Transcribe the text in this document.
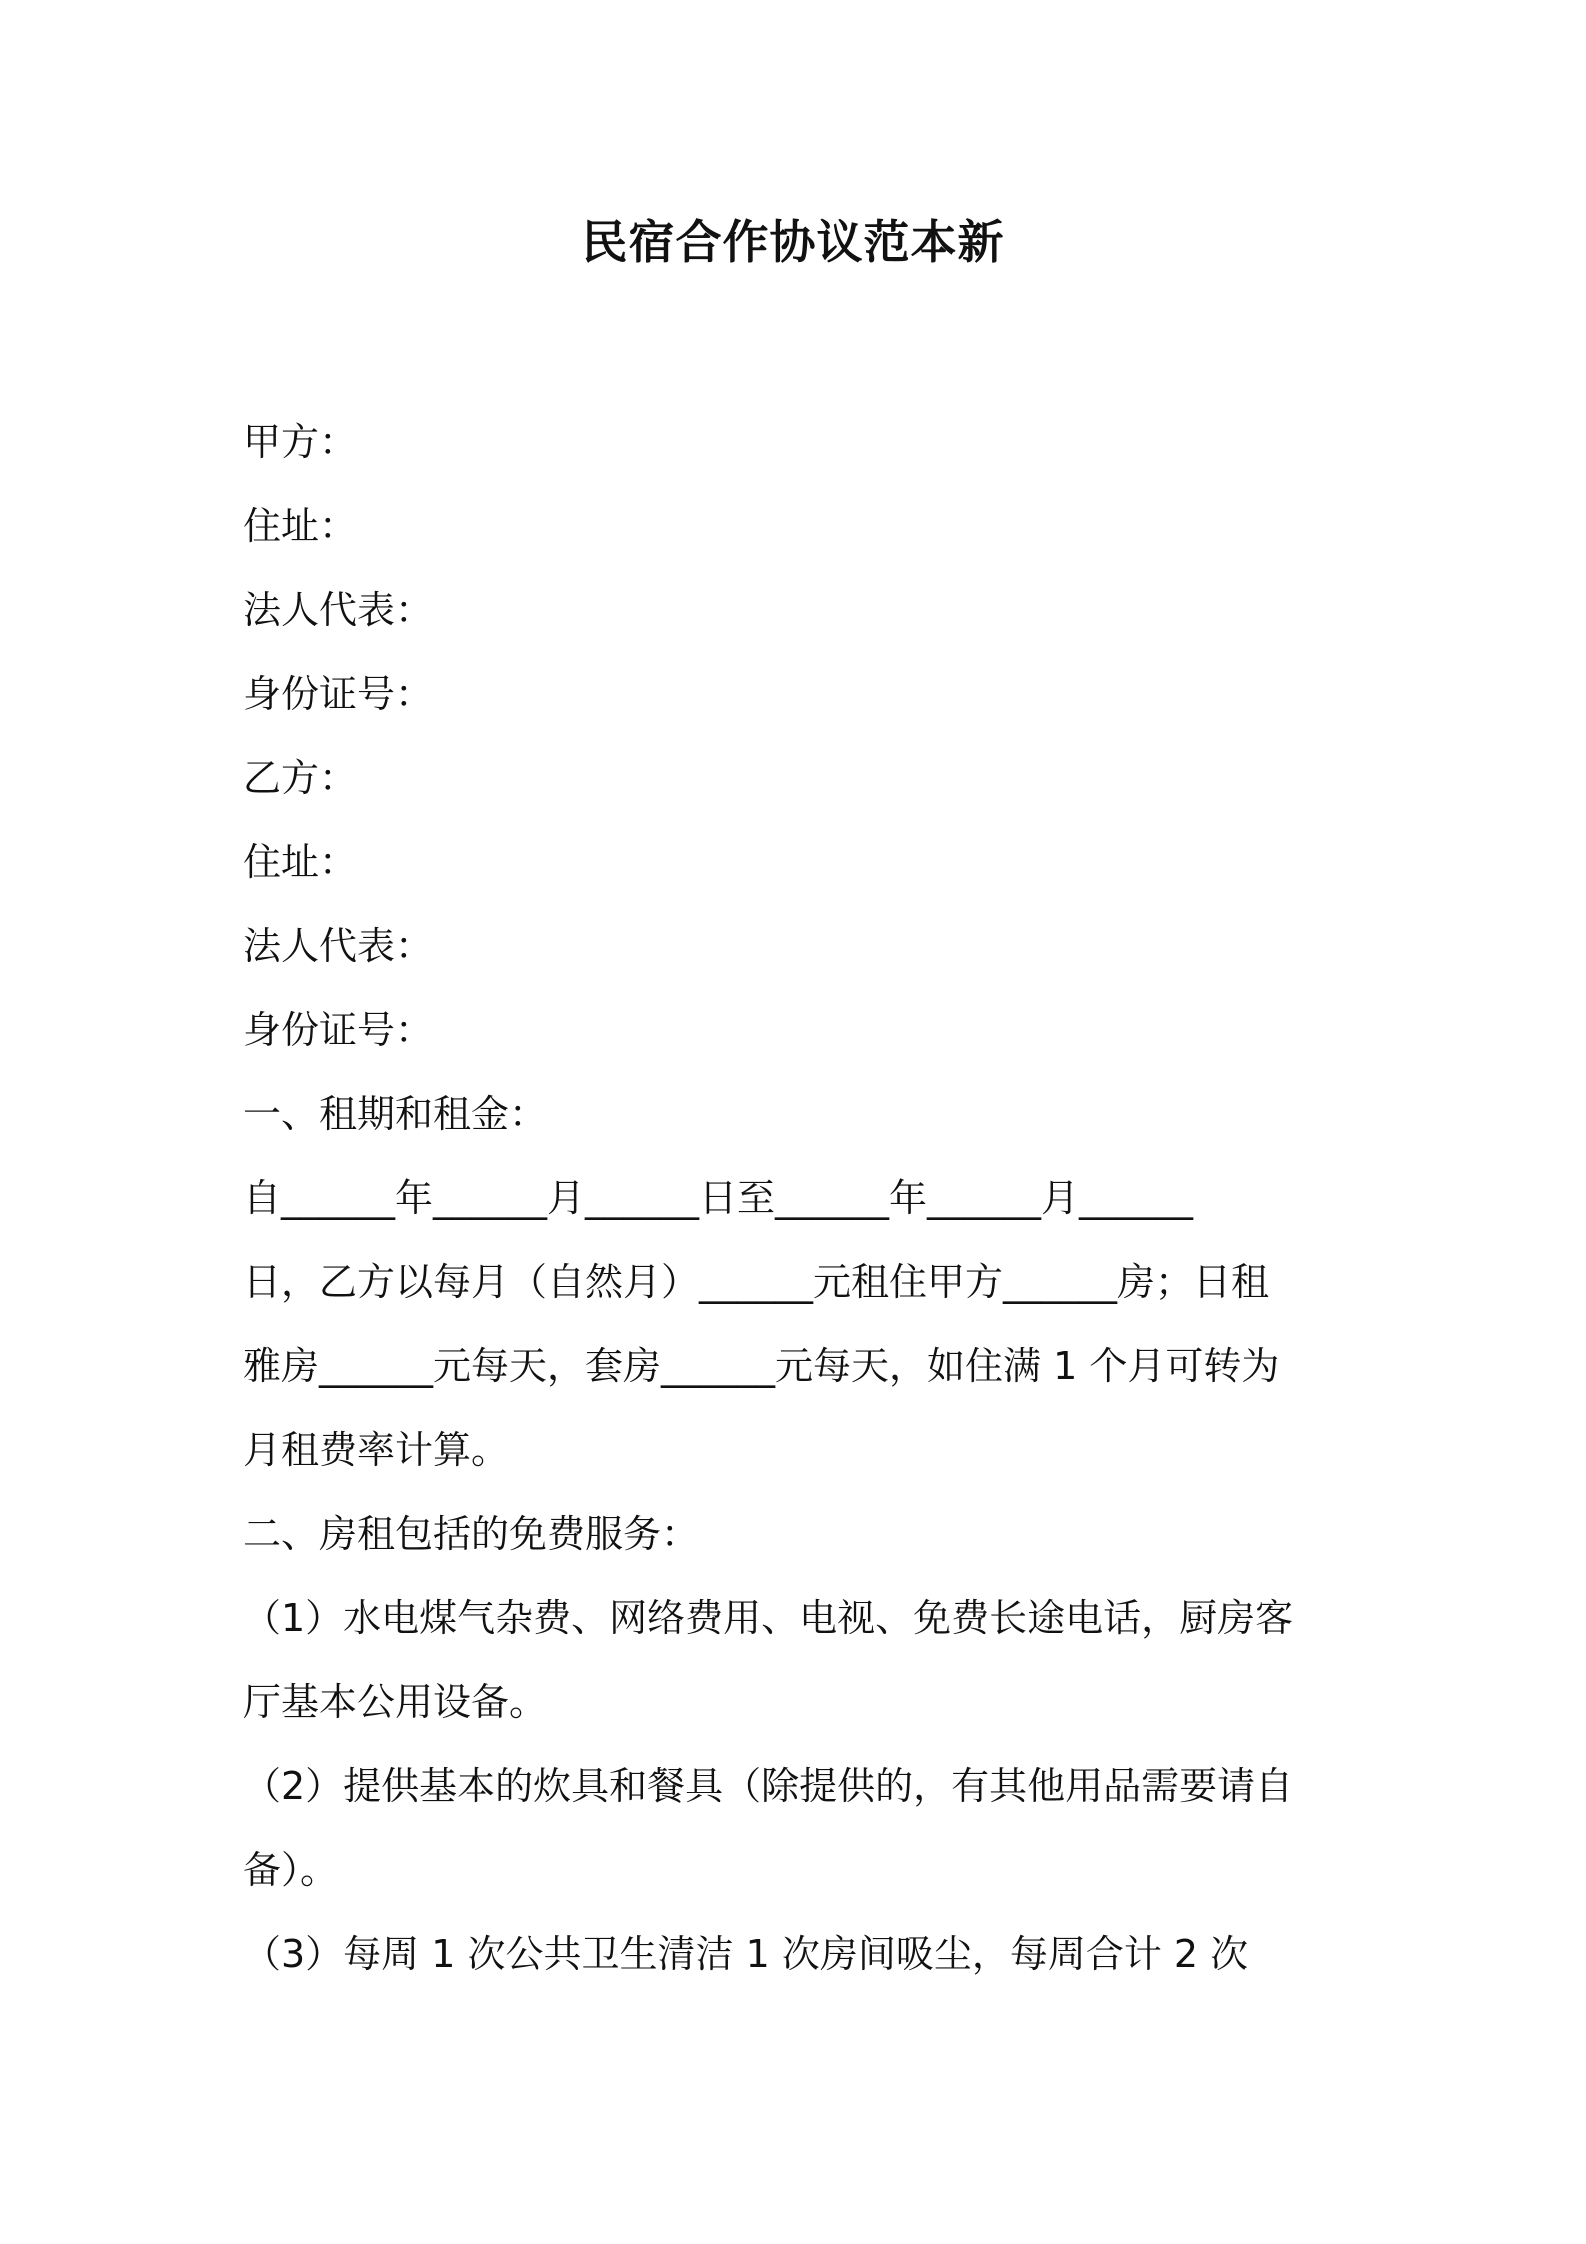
民宿合作协议范本新
甲方：
住址：
法人代表：
身份证号：
乙方：
住址：
法人代表：
身份证号：
一、租期和租金：
自______年______月______日至______年______月______
日，乙方以每月（自然月）______元租住甲方______房；日租
雅房______元每天，套房______元每天，如住满 1 个月可转为
月租费率计算。
二、房租包括的免费服务：
（1）水电煤气杂费、网络费用、电视、免费长途电话，厨房客
厅基本公用设备。
（2）提供基本的炊具和餐具（除提供的，有其他用品需要请自
备）。
（3）每周 1 次公共卫生清洁 1 次房间吸尘，每周合计 2 次
